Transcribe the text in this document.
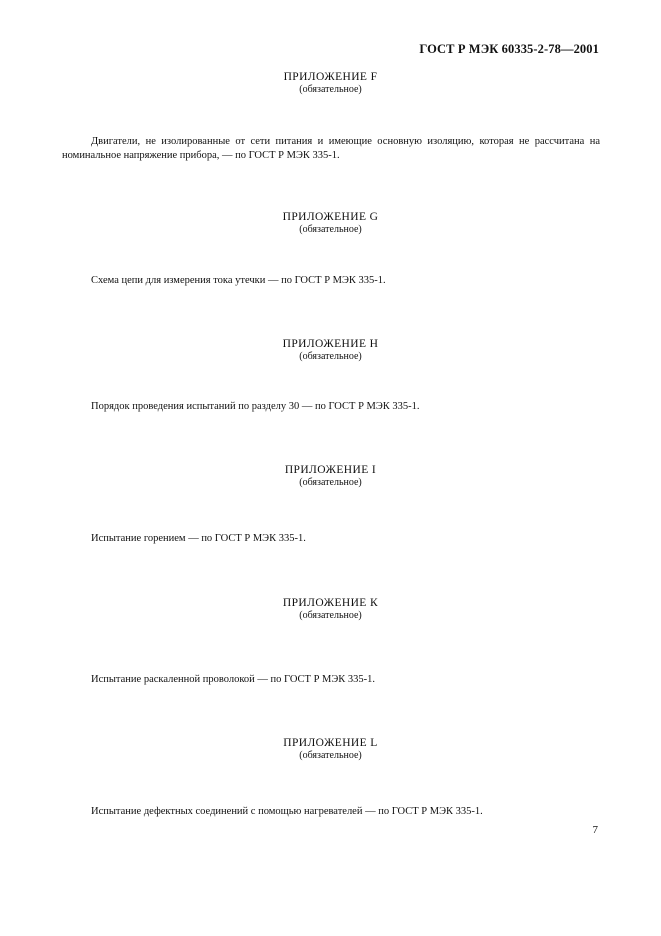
ГОСТ Р МЭК 60335-2-78—2001
ПРИЛОЖЕНИЕ F
(обязательное)
Двигатели, не изолированные от сети питания и имеющие основную изоляцию, которая не рассчитана на номинальное напряжение прибора, — по ГОСТ Р МЭК 335-1.
ПРИЛОЖЕНИЕ G
(обязательное)
Схема цепи для измерения тока утечки — по ГОСТ Р МЭК 335-1.
ПРИЛОЖЕНИЕ Н
(обязательное)
Порядок проведения испытаний по разделу 30 — по ГОСТ Р МЭК 335-1.
ПРИЛОЖЕНИЕ I
(обязательное)
Испытание горением — по ГОСТ Р МЭК 335-1.
ПРИЛОЖЕНИЕ К
(обязательное)
Испытание раскаленной проволокой — по ГОСТ Р МЭК 335-1.
ПРИЛОЖЕНИЕ L
(обязательное)
Испытание дефектных соединений с помощью нагревателей — по ГОСТ Р МЭК 335-1.
7
